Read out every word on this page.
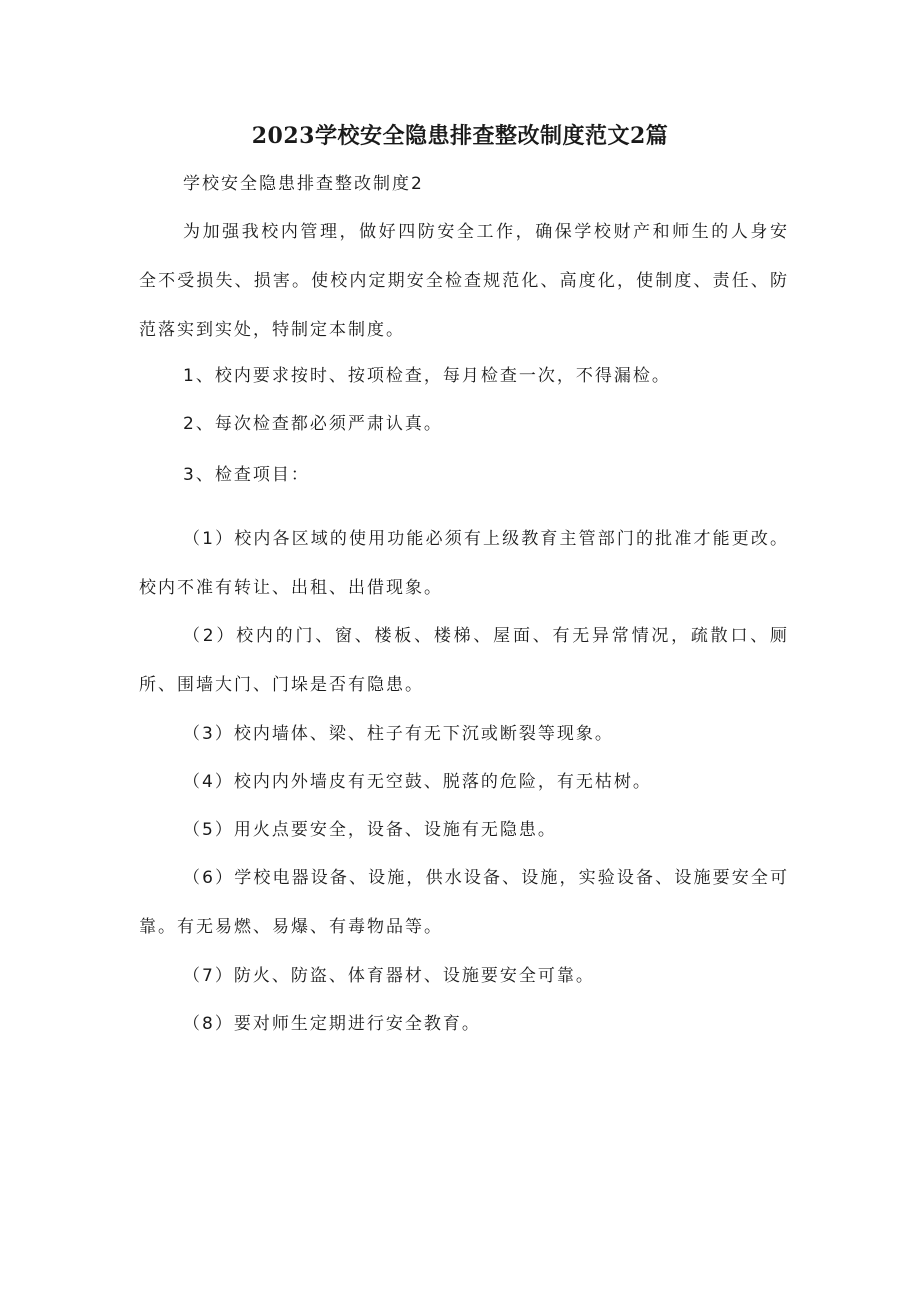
2023学校安全隐患排查整改制度范文2篇
学校安全隐患排查整改制度2

为加强我校内管理，做好四防安全工作，确保学校财产和师生的人身安全不受损失、损害。使校内定期安全检查规范化、高度化，使制度、责任、防范落实到实处，特制定本制度。

1、校内要求按时、按项检查，每月检查一次，不得漏检。
2、每次检查都必须严肃认真。
3、检查项目：

（1）校内各区域的使用功能必须有上级教育主管部门的批准才能更改。校内不准有转让、出租、出借现象。

（2）校内的门、窗、楼板、楼梯、屋面、有无异常情况，疏散口、厕所、围墙大门、门垛是否有隐患。

（3）校内墙体、梁、柱子有无下沉或断裂等现象。
（4）校内内外墙皮有无空鼓、脱落的危险，有无枯树。
（5）用火点要安全，设备、设施有无隐患。

（6）学校电器设备、设施，供水设备、设施，实验设备、设施要安全可靠。有无易燃、易爆、有毒物品等。

（7）防火、防盗、体育器材、设施要安全可靠。
（8）要对师生定期进行安全教育。
